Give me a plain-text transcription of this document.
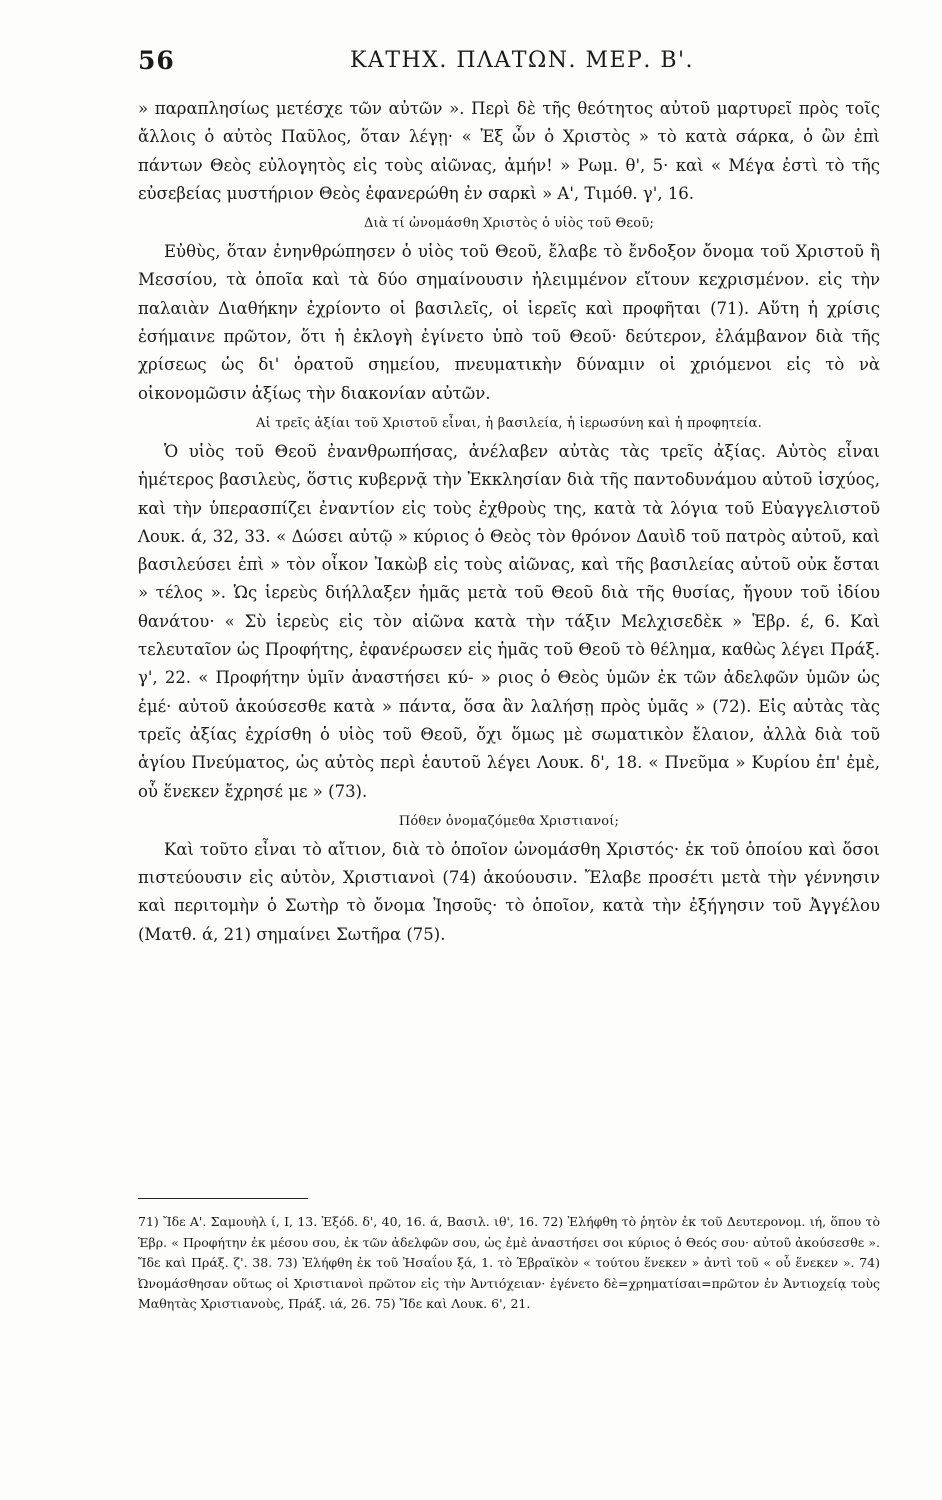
56	ΚΑΤΗΧ. ΠΛΑΤΩΝ. ΜΕΡ. Β'.

» παραπλησίως μετέσχε τῶν αὐτῶν ». Περὶ δὲ τῆς θεότητος αὐτοῦ μαρτυρεῖ πρὸς τοῖς ἄλλοις ὁ αὐτὸς Παῦλος, ὅταν λέγῃ· « Ἐξ ὧν ὁ Χριστὸς » τὸ κατὰ σάρκα, ὁ ὢν ἐπὶ πάντων Θεὸς εὐλογητὸς εἰς τοὺς αἰῶνας, ἀμήν! » Ρωμ. θ', 5· καὶ « Μέγα ἐστὶ τὸ τῆς εὐσεβείας μυστήριον Θεὸς ἐφανερώθη ἐν σαρκὶ » Α', Τιμόθ. γ', 16.

Διὰ τί ὠνομάσθη Χριστὸς ὁ υἱὸς τοῦ Θεοῦ;

Εὐθὺς, ὅταν ἐνηνθρώπησεν ὁ υἱὸς τοῦ Θεοῦ, ἔλαβε τὸ ἔνδοξον ὄνομα τοῦ Χριστοῦ ἢ Μεσσίου, τὰ ὁποῖα καὶ τὰ δύο σημαίνουσιν ἠλειμμένον εἴτουν κεχρισμένον. εἰς τὴν παλαιὰν Διαθήκην ἐχρίοντο οἱ βασιλεῖς, οἱ ἱερεῖς καὶ προφῆται (71). Αὕτη ἡ χρίσις ἐσήμαινε πρῶτον, ὅτι ἡ ἐκλογὴ ἐγίνετο ὑπὸ τοῦ Θεοῦ· δεύτερον, ἐλάμβανον διὰ τῆς χρίσεως ὡς δι' ὁρατοῦ σημείου, πνευματικὴν δύναμιν οἱ χριόμενοι εἰς τὸ νὰ οἰκονομῶσιν ἀξίως τὴν διακονίαν αὐτῶν.

Αἱ τρεῖς ἀξίαι τοῦ Χριστοῦ εἶναι, ἡ βασιλεία, ἡ ἱερωσύνη καὶ ἡ προφητεία.

Ὁ υἱὸς τοῦ Θεοῦ ἐνανθρωπήσας, ἀνέλαβεν αὐτὰς τὰς τρεῖς ἀξίας. Αὐτὸς εἶναι ἡμέτερος βασιλεὺς, ὅστις κυβερνᾷ τὴν Ἐκκλησίαν διὰ τῆς παντοδυνάμου αὐτοῦ ἰσχύος, καὶ τὴν ὑπερασπίζει ἐναντίον εἰς τοὺς ἐχθροὺς της, κατὰ τὰ λόγια τοῦ Εὐαγγελιστοῦ Λουκ. ά, 32, 33. « Δώσει αὐτῷ » κύριος ὁ Θεὸς τὸν θρόνον Δαυὶδ τοῦ πατρὸς αὐτοῦ, καὶ βασιλεύσει ἐπὶ » τὸν οἶκον Ἰακὼβ εἰς τοὺς αἰῶνας, καὶ τῆς βασιλείας αὐτοῦ οὐκ ἔσται » τέλος ». Ὡς ἱερεὺς διήλλαξεν ἡμᾶς μετὰ τοῦ Θεοῦ διὰ τῆς θυσίας, ἤγουν τοῦ ἰδίου θανάτου· « Σὺ ἱερεὺς εἰς τὸν αἰῶνα κατὰ τὴν τάξιν Μελχισεδὲκ » Ἑβρ. έ, 6. Καὶ τελευταῖον ὡς Προφήτης, ἐφανέρωσεν εἰς ἡμᾶς τοῦ Θεοῦ τὸ θέλημα, καθὼς λέγει Πράξ. γ', 22. « Προφήτην ὑμῖν ἀναστήσει κύ- » ριος ὁ Θεὸς ὑμῶν ἐκ τῶν ἀδελφῶν ὑμῶν ὡς ἐμέ· αὐτοῦ ἀκούσεσθε κατὰ » πάντα, ὅσα ἂν λαλήσῃ πρὸς ὑμᾶς » (72). Εἰς αὐτὰς τὰς τρεῖς ἀξίας ἐχρίσθη ὁ υἱὸς τοῦ Θεοῦ, ὄχι ὅμως μὲ σωματικὸν ἔλαιον, ἀλλὰ διὰ τοῦ ἁγίου Πνεύματος, ὡς αὐτὸς περὶ ἑαυτοῦ λέγει Λουκ. δ', 18. « Πνεῦμα » Κυρίου ἐπ' ἐμὲ, οὗ ἕνεκεν ἔχρησέ με » (73).

Πόθεν ὀνομαζόμεθα Χριστιανοί;

Καὶ τοῦτο εἶναι τὸ αἴτιον, διὰ τὸ ὁποῖον ὠνομάσθη Χριστός· ἐκ τοῦ ὁποίου καὶ ὅσοι πιστεύουσιν εἰς αὐτὸν, Χριστιανοὶ (74) ἀκούουσιν. Ἔλαβε προσέτι μετὰ τὴν γέννησιν καὶ περιτομὴν ὁ Σωτὴρ τὸ ὄνομα Ἰησοῦς· τὸ ὁποῖον, κατὰ τὴν ἐξήγησιν τοῦ Ἀγγέλου (Ματθ. ά, 21) σημαίνει Σωτῆρα (75).

71) Ἴδε Α'. Σαμουὴλ ί, Ι, 13. Ἐξόδ. δ', 40, 16. ά, Βασιλ. ιθ', 16. 72) Ἐλήφθη τὸ ῥητὸν ἐκ τοῦ Δευτερονομ. ιή, ὅπου τὸ Ἑβρ. « Προφήτην ἐκ μέσου σου, ἐκ τῶν ἀδελφῶν σου, ὡς ἐμὲ ἀναστήσει σοι κύριος ὁ Θεός σου· αὐτοῦ ἀκούσεσθε ». Ἴδε καὶ Πράξ. ζ'. 38. 73) Ἐλήφθη ἐκ τοῦ Ἠσαΐου ξά, 1. τὸ Ἑβραϊκὸν « τούτου ἕνεκεν » ἀντὶ τοῦ « οὗ ἕνεκεν ». 74) Ὠνομάσθησαν οὕτως οἱ Χριστιανοὶ πρῶτον εἰς τὴν Ἀντιόχειαν· ἐγένετο δὲ=χρηματίσαι=πρῶτον ἐν Ἀντιοχείᾳ τοὺς Μαθητὰς Χριστιανοὺς, Πράξ. ιά, 26. 75) Ἴδε καὶ Λουκ. 6', 21.
